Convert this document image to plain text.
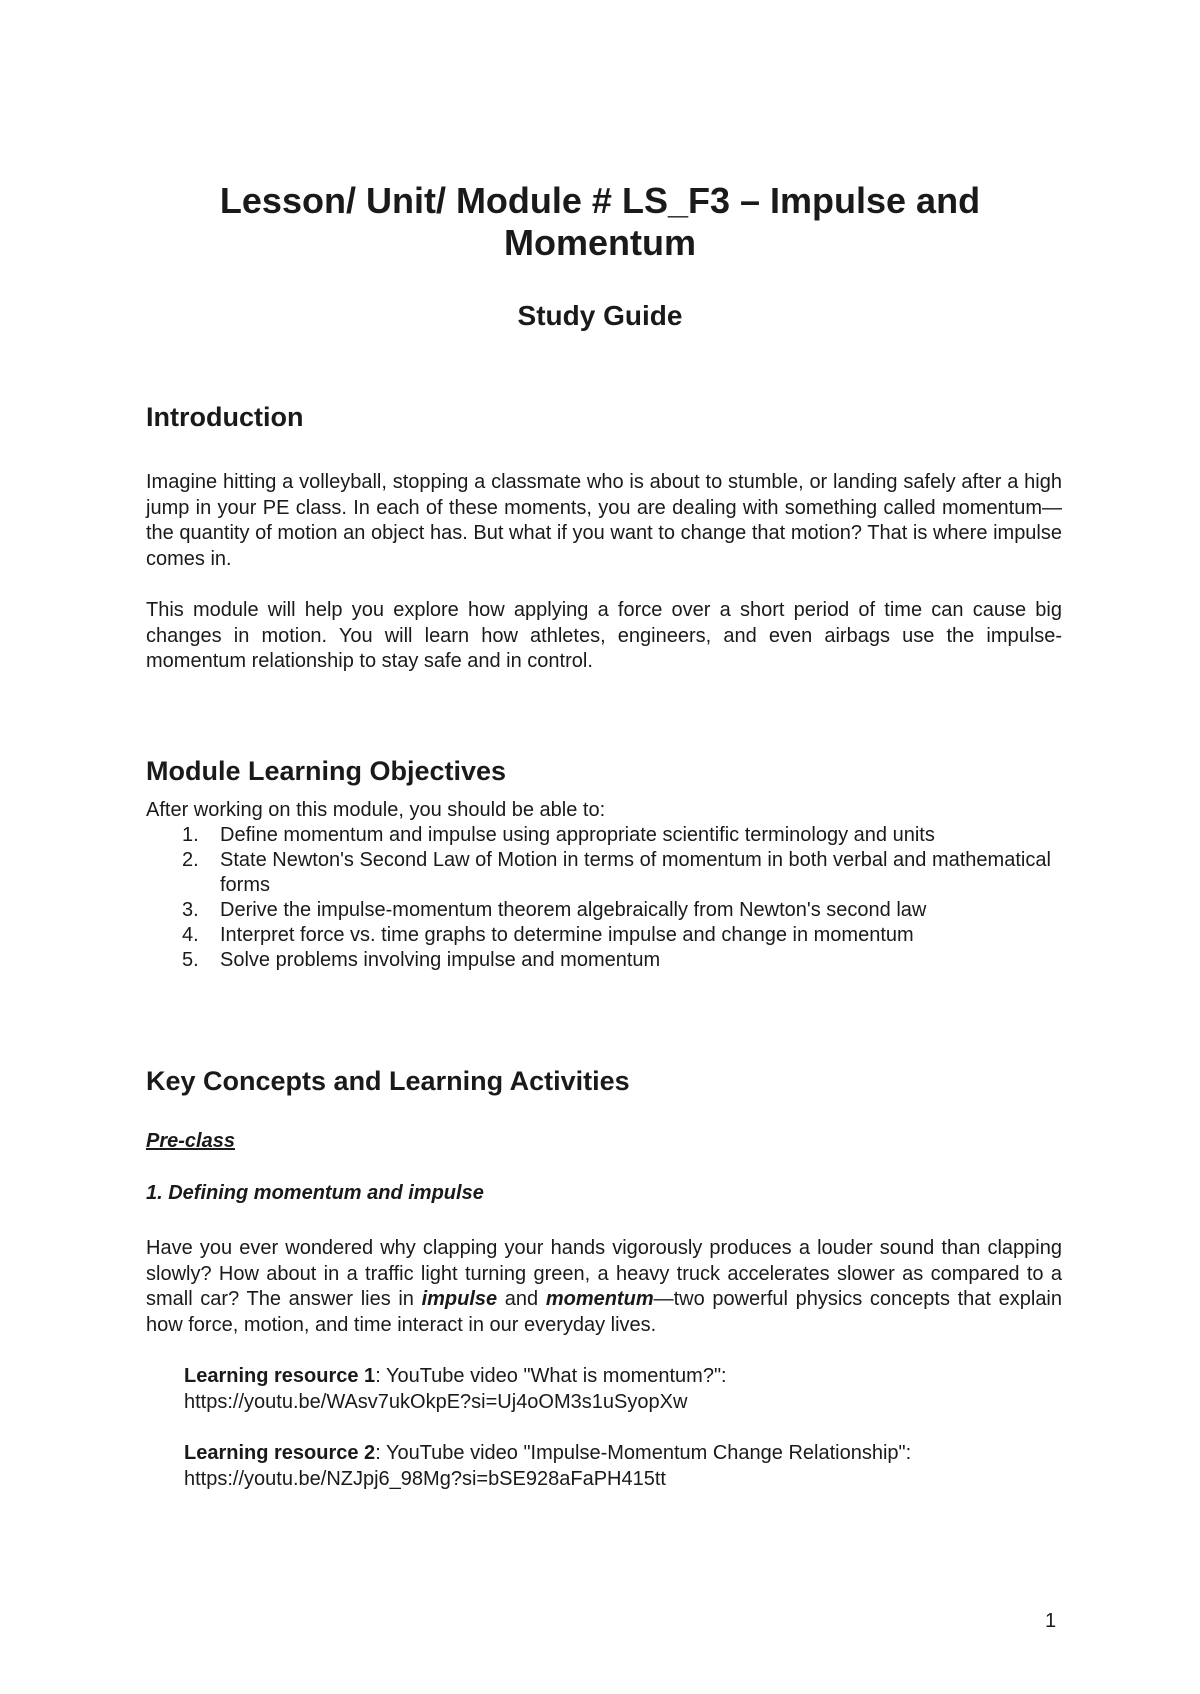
Lesson/ Unit/ Module # LS_F3 – Impulse and Momentum
Study Guide
Introduction

Imagine hitting a volleyball, stopping a classmate who is about to stumble, or landing safely after a high jump in your PE class. In each of these moments, you are dealing with something called momentum—the quantity of motion an object has. But what if you want to change that motion? That is where impulse comes in.

This module will help you explore how applying a force over a short period of time can cause big changes in motion. You will learn how athletes, engineers, and even airbags use the impulse-momentum relationship to stay safe and in control.

Module Learning Objectives

After working on this module, you should be able to:

1.	Define momentum and impulse using appropriate scientific terminology and units
2.	State Newton's Second Law of Motion in terms of momentum in both verbal and mathematical forms
3.	Derive the impulse-momentum theorem algebraically from Newton's second law
4.	Interpret force vs. time graphs to determine impulse and change in momentum
5.	Solve problems involving impulse and momentum
Key Concepts and Learning Activities

Pre-class

1. Defining momentum and impulse

Have you ever wondered why clapping your hands vigorously produces a louder sound than clapping slowly? How about in a traffic light turning green, a heavy truck accelerates slower as compared to a small car? The answer lies in impulse and momentum—two powerful physics concepts that explain how force, motion, and time interact in our everyday lives.

Learning resource 1: YouTube video "What is momentum?":
https://youtu.be/WAsv7ukOkpE?si=Uj4oOM3s1uSyopXw

Learning resource 2: YouTube video "Impulse-Momentum Change Relationship":
https://youtu.be/NZJpj6_98Mg?si=bSE928aFaPH415tt

1
